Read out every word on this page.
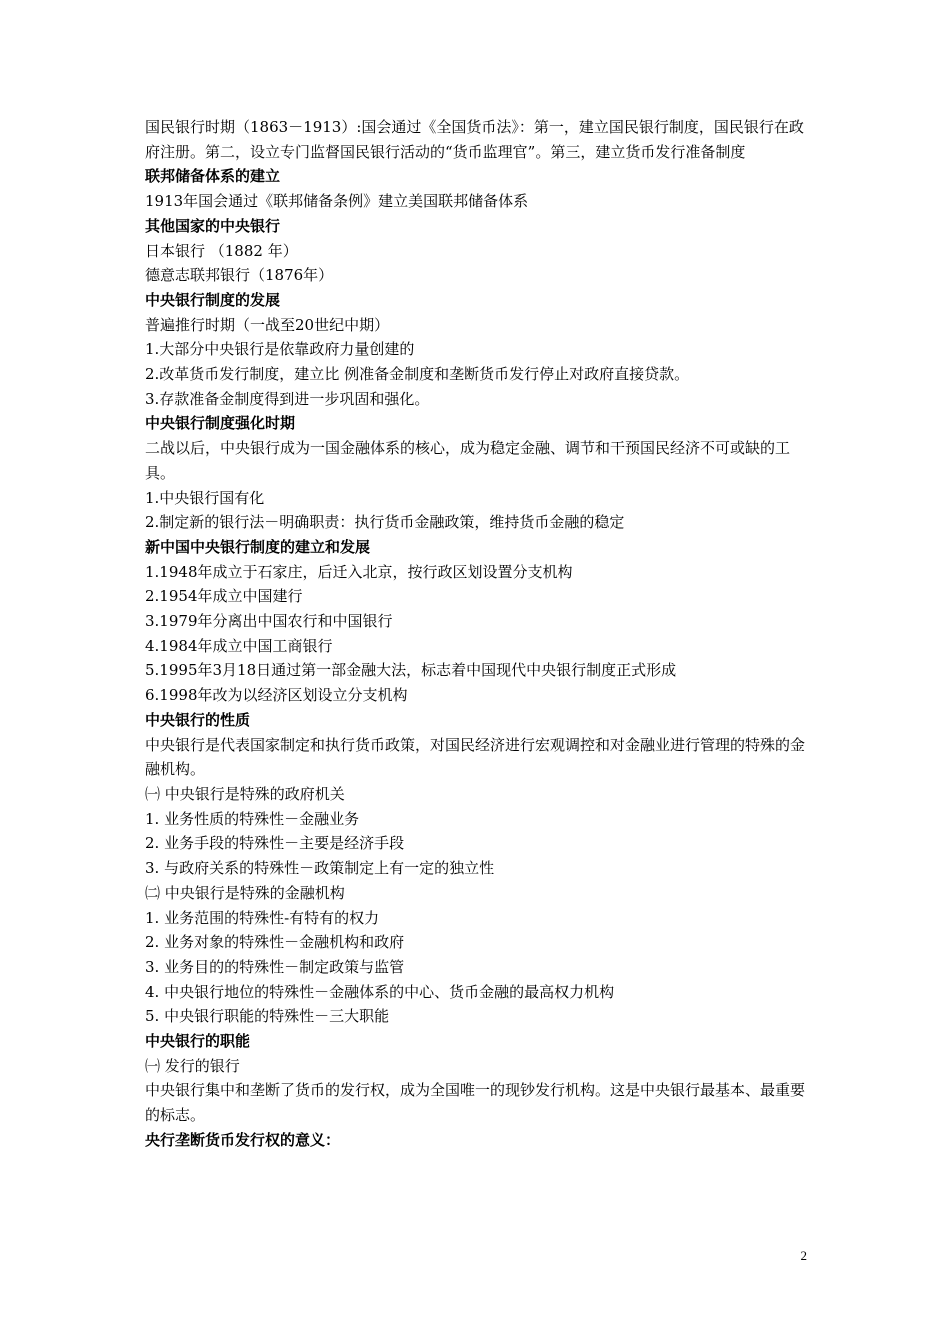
国民银行时期（1863－1913）:国会通过《全国货币法》：第一，建立国民银行制度，国民银行在政府注册。第二，设立专门监督国民银行活动的“货币监理官”。第三，建立货币发行准备制度

联邦储备体系的建立

1913年国会通过《联邦储备条例》建立美国联邦储备体系

其他国家的中央银行

日本银行 （1882 年）

德意志联邦银行（1876年）

中央银行制度的发展

普遍推行时期（一战至20世纪中期）

1.大部分中央银行是依靠政府力量创建的

2.改革货币发行制度，建立比 例准备金制度和垄断货币发行停止对政府直接贷款。

3.存款准备金制度得到进一步巩固和强化。

中央银行制度强化时期

二战以后，中央银行成为一国金融体系的核心，成为稳定金融、调节和干预国民经济不可或缺的工具。

1.中央银行国有化

2.制定新的银行法－明确职责：执行货币金融政策，维持货币金融的稳定

新中国中央银行制度的建立和发展

1.1948年成立于石家庄，后迁入北京，按行政区划设置分支机构

2.1954年成立中国建行

3.1979年分离出中国农行和中国银行

4.1984年成立中国工商银行

5.1995年3月18日通过第一部金融大法，标志着中国现代中央银行制度正式形成

6.1998年改为以经济区划设立分支机构

中央银行的性质

中央银行是代表国家制定和执行货币政策，对国民经济进行宏观调控和对金融业进行管理的特殊的金融机构。

㈠ 中央银行是特殊的政府机关

1. 业务性质的特殊性－金融业务

2. 业务手段的特殊性－主要是经济手段

3. 与政府关系的特殊性－政策制定上有一定的独立性

㈡ 中央银行是特殊的金融机构

1. 业务范围的特殊性-有特有的权力

2. 业务对象的特殊性－金融机构和政府

3. 业务目的的特殊性－制定政策与监管

4. 中央银行地位的特殊性－金融体系的中心、货币金融的最高权力机构

5. 中央银行职能的特殊性－三大职能

中央银行的职能

㈠ 发行的银行

中央银行集中和垄断了货币的发行权，成为全国唯一的现钞发行机构。这是中央银行最基本、最重要的标志。

央行垄断货币发行权的意义：

2
